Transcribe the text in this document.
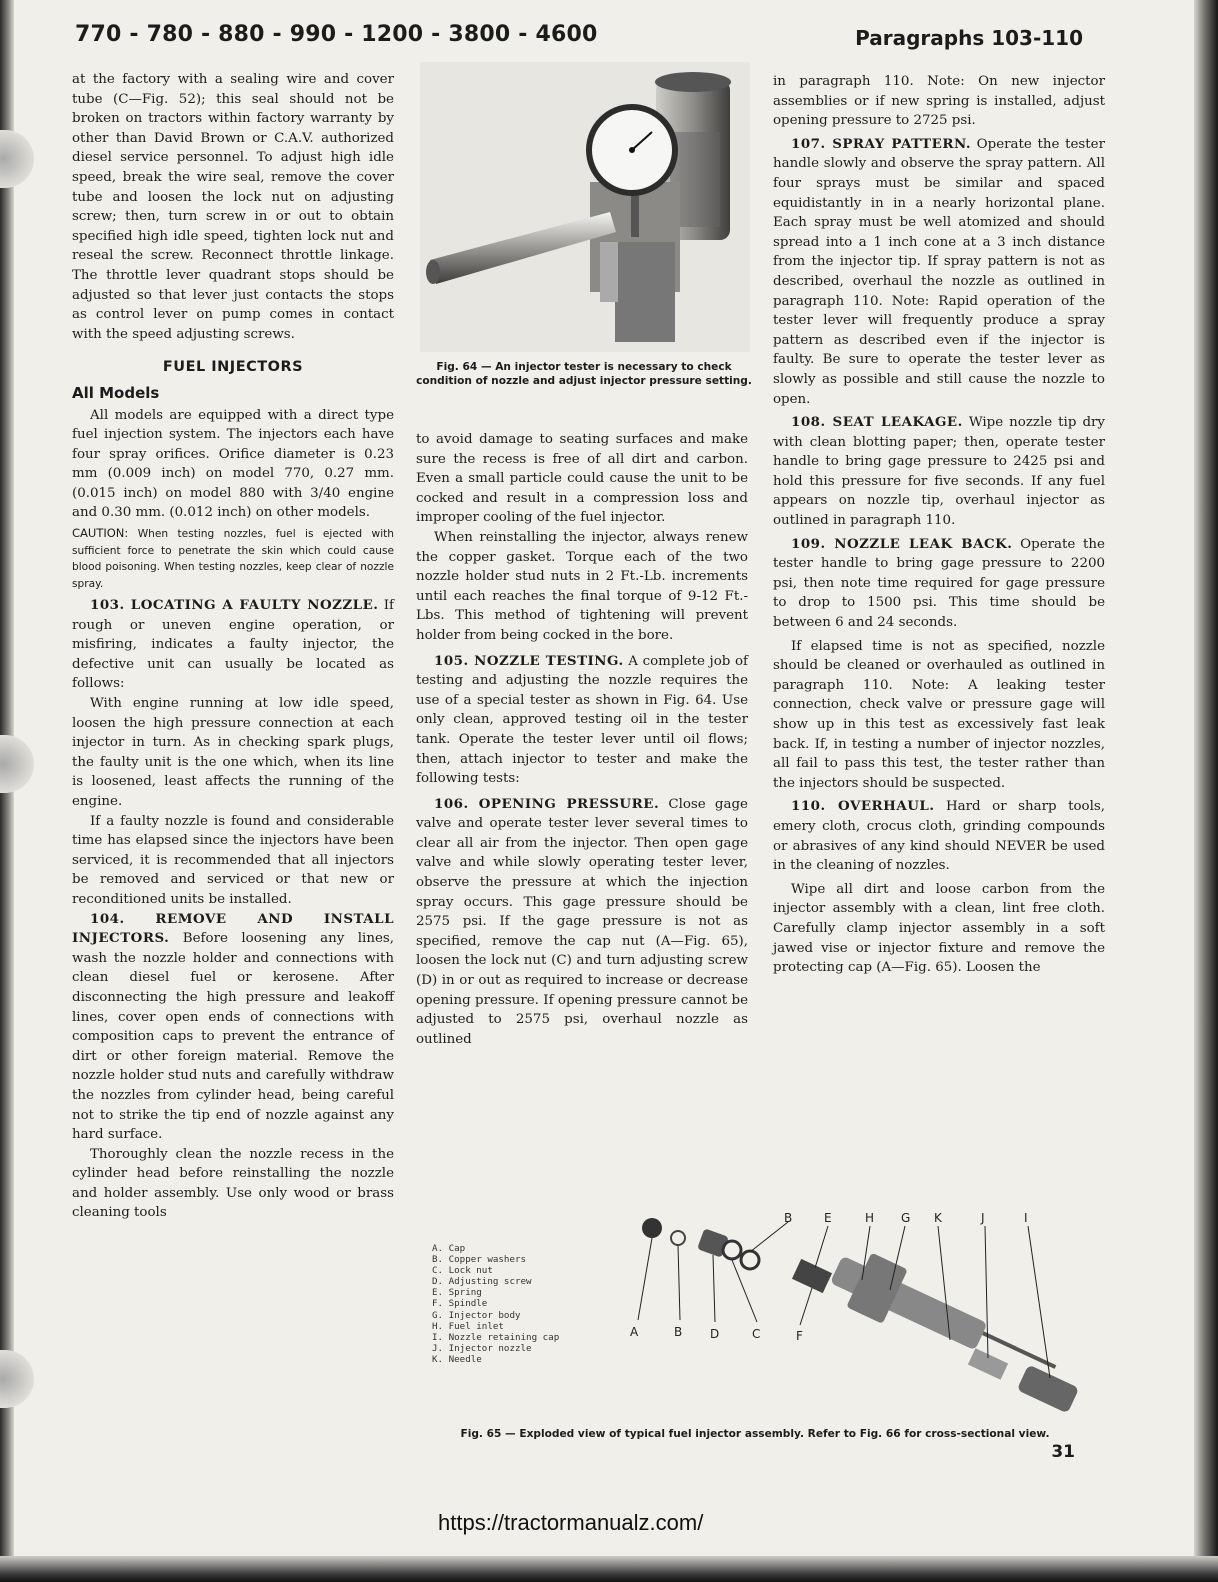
770 - 780 - 880 - 990 - 1200 - 3800 - 4600	Paragraphs 103-110

at the factory with a sealing wire and cover tube (C—Fig. 52); this seal should not be broken on tractors within factory warranty by other than David Brown or C.A.V. authorized diesel service personnel. To adjust high idle speed, break the wire seal, remove the cover tube and loosen the lock nut on adjusting screw; then, turn screw in or out to obtain specified high idle speed, tighten lock nut and reseal the screw. Reconnect throttle linkage. The throttle lever quadrant stops should be adjusted so that lever just contacts the stops as control lever on pump comes in contact with the speed adjusting screws.

FUEL INJECTORS
All Models

All models are equipped with a direct type fuel injection system. The injectors each have four spray orifices. Orifice diameter is 0.23 mm (0.009 inch) on model 770, 0.27 mm. (0.015 inch) on model 880 with 3/40 engine and 0.30 mm. (0.012 inch) on other models.

CAUTION: When testing nozzles, fuel is ejected with sufficient force to penetrate the skin which could cause blood poisoning. When testing nozzles, keep clear of nozzle spray.

103. LOCATING A FAULTY NOZZLE. If rough or uneven engine operation, or misfiring, indicates a faulty injector, the defective unit can usually be located as follows:

With engine running at low idle speed, loosen the high pressure connection at each injector in turn. As in checking spark plugs, the faulty unit is the one which, when its line is loosened, least affects the running of the engine.

If a faulty nozzle is found and considerable time has elapsed since the injectors have been serviced, it is recommended that all injectors be removed and serviced or that new or reconditioned units be installed.

104. REMOVE AND INSTALL INJECTORS. Before loosening any lines, wash the nozzle holder and connections with clean diesel fuel or kerosene. After disconnecting the high pressure and leakoff lines, cover open ends of connections with composition caps to prevent the entrance of dirt or other foreign material. Remove the nozzle holder stud nuts and carefully withdraw the nozzles from cylinder head, being careful not to strike the tip end of nozzle against any hard surface.

Thoroughly clean the nozzle recess in the cylinder head before reinstalling the nozzle and holder assembly. Use only wood or brass cleaning tools

Fig. 64 — An injector tester is necessary to check condition of nozzle and adjust injector pressure setting.

to avoid damage to seating surfaces and make sure the recess is free of all dirt and carbon. Even a small particle could cause the unit to be cocked and result in a compression loss and improper cooling of the fuel injector.

When reinstalling the injector, always renew the copper gasket. Torque each of the two nozzle holder stud nuts in 2 Ft.-Lb. increments until each reaches the final torque of 9-12 Ft.-Lbs. This method of tightening will prevent holder from being cocked in the bore.

105. NOZZLE TESTING. A complete job of testing and adjusting the nozzle requires the use of a special tester as shown in Fig. 64. Use only clean, approved testing oil in the tester tank. Operate the tester lever until oil flows; then, attach injector to tester and make the following tests:

106. OPENING PRESSURE. Close gage valve and operate tester lever several times to clear all air from the injector. Then open gage valve and while slowly operating tester lever, observe the pressure at which the injection spray occurs. This gage pressure should be 2575 psi. If the gage pressure is not as specified, remove the cap nut (A—Fig. 65), loosen the lock nut (C) and turn adjusting screw (D) in or out as required to increase or decrease opening pressure. If opening pressure cannot be adjusted to 2575 psi, overhaul nozzle as outlined

in paragraph 110. Note: On new injector assemblies or if new spring is installed, adjust opening pressure to 2725 psi.

107. SPRAY PATTERN. Operate the tester handle slowly and observe the spray pattern. All four sprays must be similar and spaced equidistantly in in a nearly horizontal plane. Each spray must be well atomized and should spread into a 1 inch cone at a 3 inch distance from the injector tip. If spray pattern is not as described, overhaul the nozzle as outlined in paragraph 110. Note: Rapid operation of the tester lever will frequently produce a spray pattern as described even if the injector is faulty. Be sure to operate the tester lever as slowly as possible and still cause the nozzle to open.

108. SEAT LEAKAGE. Wipe nozzle tip dry with clean blotting paper; then, operate tester handle to bring gage pressure to 2425 psi and hold this pressure for five seconds. If any fuel appears on nozzle tip, overhaul injector as outlined in paragraph 110.

109. NOZZLE LEAK BACK. Operate the tester handle to bring gage pressure to 2200 psi, then note time required for gage pressure to drop to 1500 psi. This time should be between 6 and 24 seconds.

If elapsed time is not as specified, nozzle should be cleaned or overhauled as outlined in paragraph 110. Note: A leaking tester connection, check valve or pressure gage will show up in this test as excessively fast leak back. If, in testing a number of injector nozzles, all fail to pass this test, the tester rather than the injectors should be suspected.

110. OVERHAUL. Hard or sharp tools, emery cloth, crocus cloth, grinding compounds or abrasives of any kind should NEVER be used in the cleaning of nozzles.

Wipe all dirt and loose carbon from the injector assembly with a clean, lint free cloth. Carefully clamp injector assembly in a soft jawed vise or injector fixture and remove the protecting cap (A—Fig. 65). Loosen the

A. Cap
B. Copper washers
C. Lock nut
D. Adjusting screw
E. Spring
F. Spindle
G. Injector body
H. Fuel inlet
I. Nozzle retaining cap
J. Injector nozzle
K. Needle
B	E	H G K	J	I
A	B D	C	F
Fig. 65 — Exploded view of typical fuel injector assembly. Refer to Fig. 66 for cross-sectional view.
31
https://tractormanualz.com/
